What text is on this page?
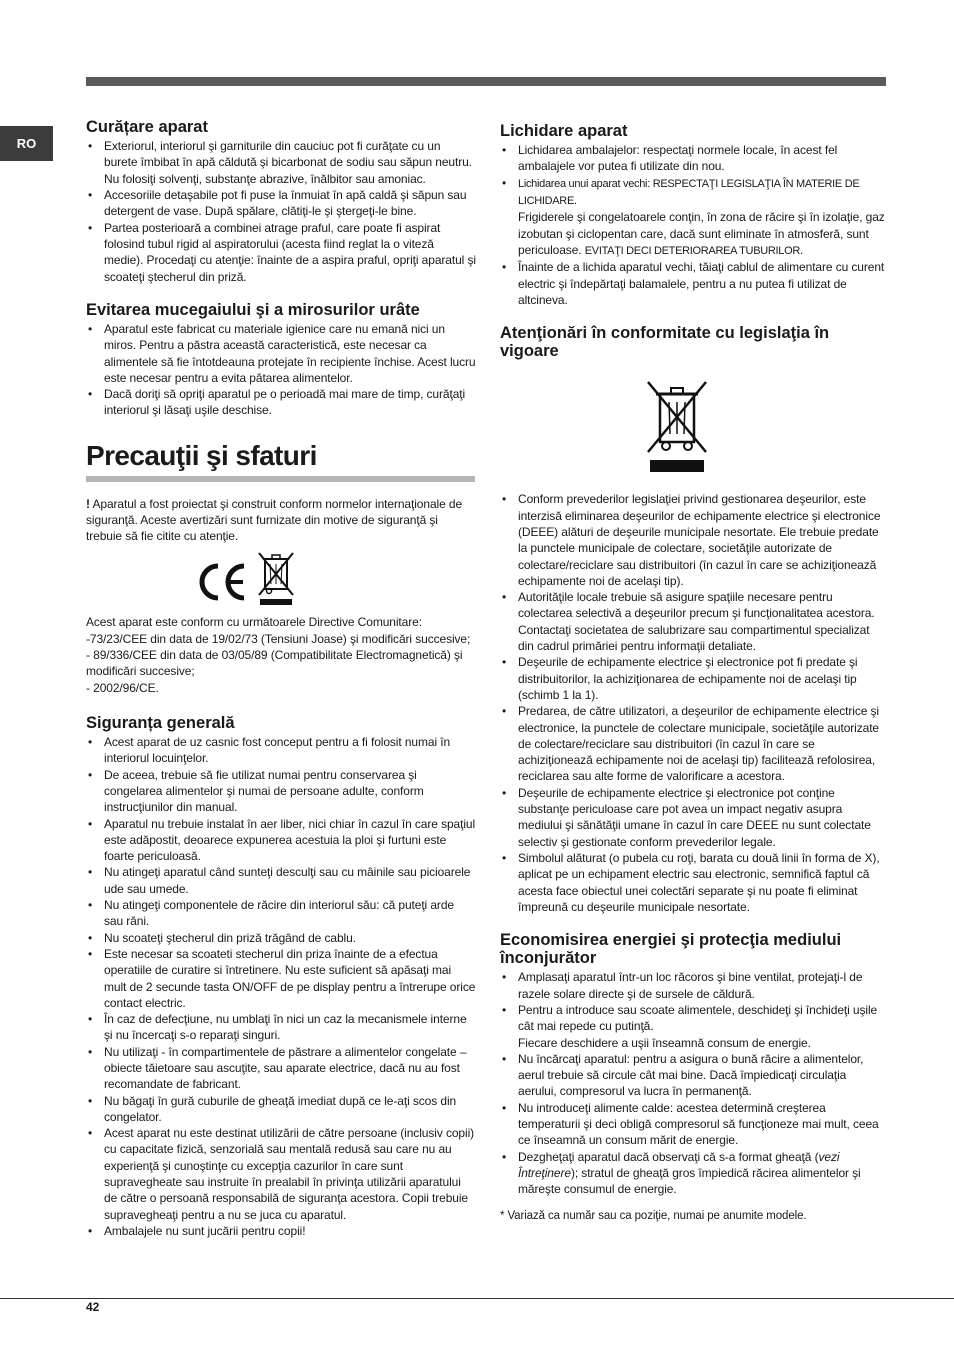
RO
Curățare aparat
• Exteriorul, interiorul şi garniturile din cauciuc pot fi curăţate cu un burete îmbibat în apă căldută şi bicarbonat de sodiu sau săpun neutru. Nu folosiţi solvenţi, substanţe abrazive, înălbitor sau amoniac.
• Accesoriile detaşabile pot fi puse la înmuiat în apă caldă şi săpun sau detergent de vase. După spălare, clătiţi-le şi ştergeţi-le bine.
• Partea posterioară a combinei atrage praful, care poate fi aspirat folosind tubul rigid al aspiratorului (acesta fiind reglat la o viteză medie). Procedaţi cu atenţie: înainte de a aspira praful, opriţi aparatul şi scoateţi ştecherul din priză.
Evitarea mucegaiului şi a mirosurilor urâte
• Aparatul este fabricat cu materiale igienice care nu emană nici un miros. Pentru a păstra această caracteristică, este necesar ca alimentele să fie întotdeauna protejate în recipiente închise. Acest lucru este necesar pentru a evita pătarea alimentelor.
• Dacă doriţi să opriţi aparatul pe o perioadă mai mare de timp, curăţaţi interiorul şi lăsaţi uşile deschise.
Precauţii şi sfaturi

! Aparatul a fost proiectat şi construit conform normelor internaţionale de siguranţă. Aceste avertizări sunt furnizate din motive de siguranţă şi trebuie să fie citite cu atenţie.

Acest aparat este conform cu următoarele Directive Comunitare:

-73/23/CEE din data de 19/02/73 (Tensiuni Joase) şi modificări succesive;

- 89/336/CEE din data de 03/05/89 (Compatibilitate Electromagnetică) şi modificări succesive;

- 2002/96/CE.

Siguranța generală
• Acest aparat de uz casnic fost conceput pentru a fi folosit numai în interiorul locuinţelor.
• De aceea, trebuie să fie utilizat numai pentru conservarea şi congelarea alimentelor şi numai de persoane adulte, conform instrucţiunilor din manual.
• Aparatul nu trebuie instalat în aer liber, nici chiar în cazul în care spaţiul este adăpostit, deoarece expunerea acestuia la ploi şi furtuni este foarte periculoasă.
• Nu atingeţi aparatul când sunteţi desculţi sau cu mâinile sau picioarele ude sau umede.
• Nu atingeţi componentele de răcire din interiorul său: că puteţi arde sau răni.
• Nu scoateţi ştecherul din priză trăgând de cablu.
• Este necesar sa scoateti stecherul din priza înainte de a efectua operatiile de curatire si întretinere. Nu este suficient să apăsaţi mai mult de 2 secunde tasta ON/OFF de pe display pentru a întrerupe orice contact electric.
• În caz de defecţiune, nu umblaţi în nici un caz la mecanismele interne şi nu încercaţi s-o reparaţi singuri.
• Nu utilizaţi - în compartimentele de păstrare a alimentelor congelate – obiecte tăietoare sau ascuţite, sau aparate electrice, dacă nu au fost recomandate de fabricant.
• Nu băgaţi în gură cuburile de gheaţă imediat după ce le-aţi scos din congelator.
• Acest aparat nu este destinat utilizării de către persoane (inclusiv copii) cu capacitate fizică, senzorială sau mentală redusă sau care nu au experienţă şi cunoştinţe cu excepţia cazurilor în care sunt supravegheate sau instruite în prealabil în privinţa utilizării aparatului de către o persoană responsabilă de siguranţa acestora. Copii trebuie supravegheaţi pentru a nu se juca cu aparatul.
• Ambalajele nu sunt jucării pentru copii!
Lichidare aparat
• Lichidarea ambalajelor: respectaţi normele locale, în acest fel ambalajele vor putea fi utilizate din nou.
• Lichidarea unui aparat vechi: RESPECTAŢI LEGISLAŢIA ÎN MATERIE DE LICHIDARE.
Frigiderele şi congelatoarele conţin, în zona de răcire şi în izolaţie, gaz izobutan şi ciclopentan care, dacă sunt eliminate în atmosferă, sunt periculoase. EVITAŢI DECI DETERIORAREA TUBURILOR.
• Înainte de a lichida aparatul vechi, tăiaţi cablul de alimentare cu curent electric şi îndepărtaţi balamalele, pentru a nu putea fi utilizat de altcineva.
Atenţionări în conformitate cu legislaţia în vigoare
• Conform prevederilor legislaţiei privind gestionarea deşeurilor, este interzisă eliminarea deşeurilor de echipamente electrice şi electronice (DEEE) alături de deşeurile municipale nesortate. Ele trebuie predate la punctele municipale de colectare, societăţile autorizate de colectare/reciclare sau distribuitori (în cazul în care se achiziţionează echipamente noi de acelaşi tip).
• Autorităţile locale trebuie să asigure spaţiile necesare pentru colectarea selectivă a deşeurilor precum şi funcţionalitatea acestora. Contactaţi societatea de salubrizare sau compartimentul specializat din cadrul primăriei pentru informaţii detaliate.
• Deşeurile de echipamente electrice şi electronice pot fi predate şi distribuitorilor, la achiziţionarea de echipamente noi de acelaşi tip (schimb 1 la 1).
• Predarea, de către utilizatori, a deşeurilor de echipamente electrice şi electronice, la punctele de colectare municipale, societăţile autorizate de colectare/reciclare sau distribuitori (în cazul în care se achiziţionează echipamente noi de acelaşi tip) facilitează refolosirea, reciclarea sau alte forme de valorificare a acestora.
• Deşeurile de echipamente electrice şi electronice pot conţine substanţe periculoase care pot avea un impact negativ asupra mediului şi sănătăţii umane în cazul în care DEEE nu sunt colectate selectiv şi gestionate conform prevederilor legale.
• Simbolul alăturat (o pubela cu roţi, barata cu două linii în forma de X), aplicat pe un echipament electric sau electronic, semnifică faptul că acesta face obiectul unei colectări separate şi nu poate fi eliminat împreună cu deşeurile municipale nesortate.
Economisirea energiei şi protecţia mediului înconjurător
• Amplasaţi aparatul într-un loc răcoros şi bine ventilat, protejaţi-l de razele solare directe şi de sursele de căldură.
• Pentru a introduce sau scoate alimentele, deschideţi şi închideţi uşile cât mai repede cu putinţă.
Fiecare deschidere a uşii înseamnă consum de energie.
• Nu încărcaţi aparatul: pentru a asigura o bună răcire a alimentelor, aerul trebuie să circule cât mai bine. Dacă împiedicaţi circulaţia aerului, compresorul va lucra în permanenţă.
• Nu introduceţi alimente calde: acestea determină creşterea temperaturii şi deci obligă compresorul să funcţioneze mai mult, ceea ce înseamnă un consum mărit de energie.
• Dezgheţaţi aparatul dacă observaţi că s-a format gheaţă (vezi Întreţinere); stratul de gheaţă gros împiedică răcirea alimentelor şi măreşte consumul de energie.

* Variază ca număr sau ca poziţie, numai pe anumite modele.

42
